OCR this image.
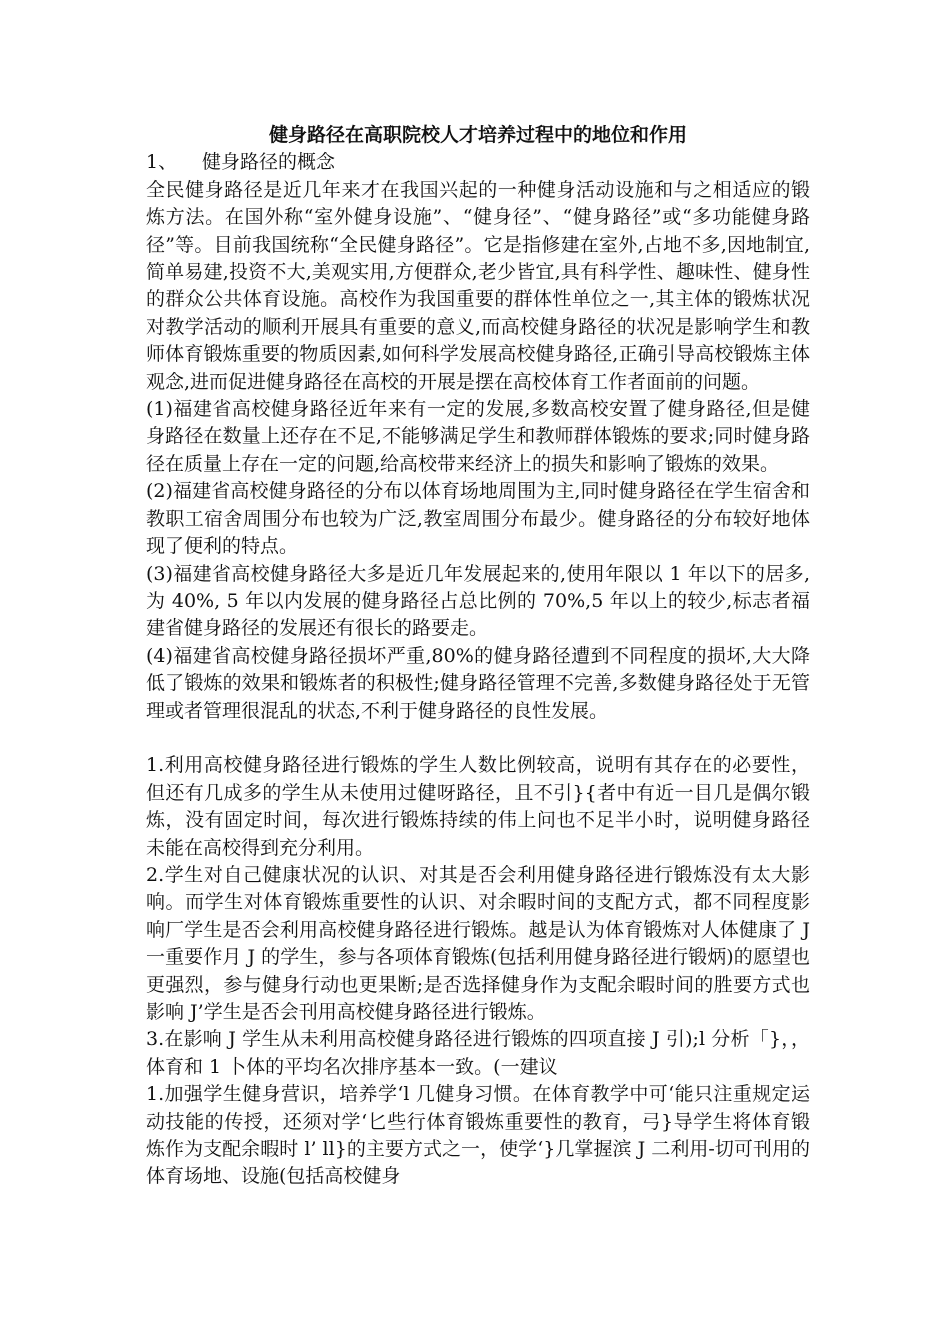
健身路径在高职院校人才培养过程中的地位和作用
1、 健身路径的概念

全民健身路径是近几年来才在我国兴起的一种健身活动设施和与之相适应的锻炼方法。在国外称“室外健身设施”、“健身径”、“健身路径”或“多功能健身路径”等。目前我国统称“全民健身路径”。它是指修建在室外,占地不多,因地制宜,简单易建,投资不大,美观实用,方便群众,老少皆宜,具有科学性、趣味性、健身性的群众公共体育设施。高校作为我国重要的群体性单位之一,其主体的锻炼状况对教学活动的顺利开展具有重要的意义,而高校健身路径的状况是影响学生和教师体育锻炼重要的物质因素,如何科学发展高校健身路径,正确引导高校锻炼主体观念,进而促进健身路径在高校的开展是摆在高校体育工作者面前的问题。

(1)福建省高校健身路径近年来有一定的发展,多数高校安置了健身路径,但是健身路径在数量上还存在不足,不能够满足学生和教师群体锻炼的要求;同时健身路径在质量上存在一定的问题,给高校带来经济上的损失和影响了锻炼的效果。

(2)福建省高校健身路径的分布以体育场地周围为主,同时健身路径在学生宿舍和教职工宿舍周围分布也较为广泛,教室周围分布最少。健身路径的分布较好地体现了便利的特点。

(3)福建省高校健身路径大多是近几年发展起来的,使用年限以 1 年以下的居多,为 40%, 5 年以内发展的健身路径占总比例的 70%,5 年以上的较少,标志者福建省健身路径的发展还有很长的路要走。

(4)福建省高校健身路径损坏严重,80%的健身路径遭到不同程度的损坏,大大降低了锻炼的效果和锻炼者的积极性;健身路径管理不完善,多数健身路径处于无管理或者管理很混乱的状态,不利于健身路径的良性发展。

1.利用高校健身路径进行锻炼的学生人数比例较高，说明有其存在的必要性，但还有几成多的学生从未使用过健呀路径，且不引}{者中有近一目几是偶尔锻炼，没有固定时间，每次进行锻炼持续的伟上问也不足半小时，说明健身路径未能在高校得到充分利用。

2.学生对自己健康状况的认识、对其是否会利用健身路径进行锻炼没有太大影响。而学生对体育锻炼重要性的认识、对余暇时间的支配方式，都不同程度影响厂学生是否会利用高校健身路径进行锻炼。越是认为体育锻炼对人体健康了 J 一重要作月 J 的学生，参与各项体育锻炼(包括利用健身路径进行锻炳)的愿望也更强烈，参与健身行动也更果断;是否选择健身作为支配余暇时间的胜要方式也影响 J’学生是否会刊用高校健身路径进行锻炼。

3.在影响 J 学生从未利用高校健身路径进行锻炼的四项直接 J 引);l 分析「}，，体育和 1 卜体的平均名次排序基本一致。(一建议

1.加强学生健身营识，培养学‘l 几健身习惯。在体育教学中可‘能只注重规定运动技能的传授，还须对学‘匕些行体育锻炼重要性的教育，弓}导学生将体育锻炼作为支配余暇时 l’ ll}的主要方式之一，使学‘}几掌握滨 J 二利用-切可刊用的体育场地、设施(包括高校健身
